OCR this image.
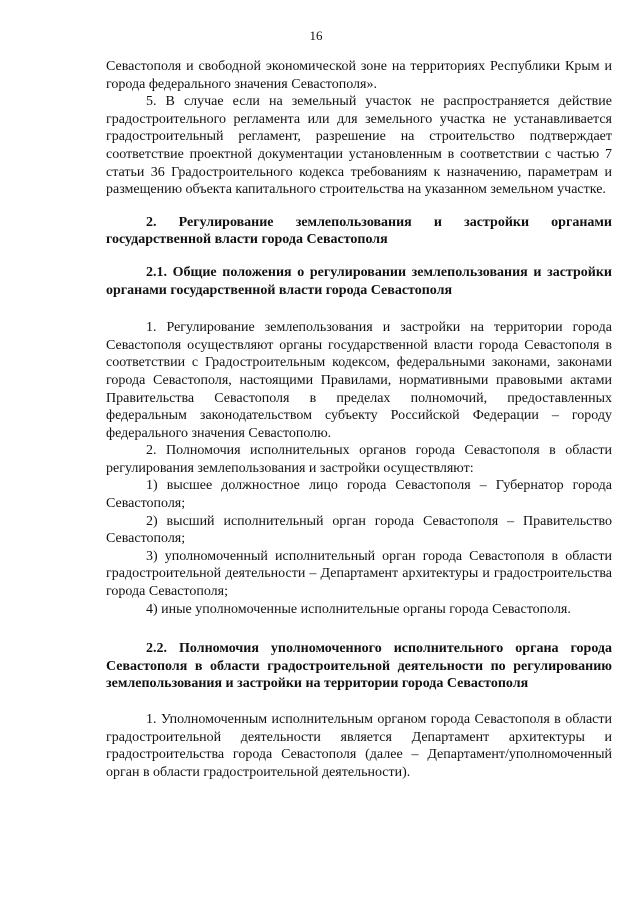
16

Севастополя и свободной экономической зоне на территориях Республики Крым и города федерального значения Севастополя».

5. В случае если на земельный участок не распространяется действие градостроительного регламента или для земельного участка не устанавливается градостроительный регламент, разрешение на строительство подтверждает соответствие проектной документации установленным в соответствии с частью 7 статьи 36 Градостроительного кодекса требованиям к назначению, параметрам и размещению объекта капитального строительства на указанном земельном участке.

2. Регулирование землепользования и застройки органами государственной власти города Севастополя

2.1. Общие положения о регулировании землепользования и застройки органами государственной власти города Севастополя

1. Регулирование землепользования и застройки на территории города Севастополя осуществляют органы государственной власти города Севастополя в соответствии с Градостроительным кодексом, федеральными законами, законами города Севастополя, настоящими Правилами, нормативными правовыми актами Правительства Севастополя в пределах полномочий, предоставленных федеральным законодательством субъекту Российской Федерации – городу федерального значения Севастополю.

2. Полномочия исполнительных органов города Севастополя в области регулирования землепользования и застройки осуществляют:

1) высшее должностное лицо города Севастополя – Губернатор города Севастополя;

2) высший исполнительный орган города Севастополя – Правительство Севастополя;

3) уполномоченный исполнительный орган города Севастополя в области градостроительной деятельности – Департамент архитектуры и градостроительства города Севастополя;

4) иные уполномоченные исполнительные органы города Севастополя.

2.2. Полномочия уполномоченного исполнительного органа города Севастополя в области градостроительной деятельности по регулированию землепользования и застройки на территории города Севастополя

1. Уполномоченным исполнительным органом города Севастополя в области градостроительной деятельности является Департамент архитектуры и градостроительства города Севастополя (далее – Департамент/уполномоченный орган в области градостроительной деятельности).
